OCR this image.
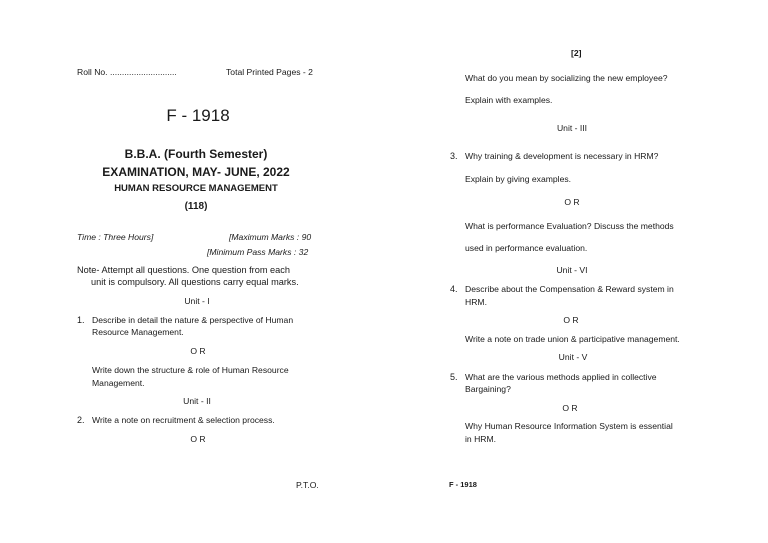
Roll No. ............................	Total Printed Pages - 2
F - 1918
B.B.A. (Fourth Semester)
EXAMINATION, MAY- JUNE, 2022
HUMAN RESOURCE MANAGEMENT
(118)
Time : Three Hours]	[Maximum Marks : 90
[Minimum Pass Marks : 32
Note- Attempt all questions. One question from each
unit is compulsory. All questions carry equal marks.
Unit - I
1. Describe in detail the nature & perspective of Human
Resource Management.
O R
Write down the structure & role of Human Resource
Management.
Unit - II
2. Write a note on recruitment & selection process.
O R
P.T.O.
[2]
What do you mean by socializing the new employee?
Explain with examples.
Unit - III
3. Why training & development is necessary in HRM?
Explain by giving examples.
O R
What is performance Evaluation? Discuss the methods
used in performance evaluation.
Unit - VI
4. Describe about the Compensation & Reward system in
HRM.
O R
Write a note on trade union & participative management.
Unit - V
5. What are the various methods applied in collective
Bargaining?
O R
Why Human Resource Information System is essential
in HRM.
F - 1918
